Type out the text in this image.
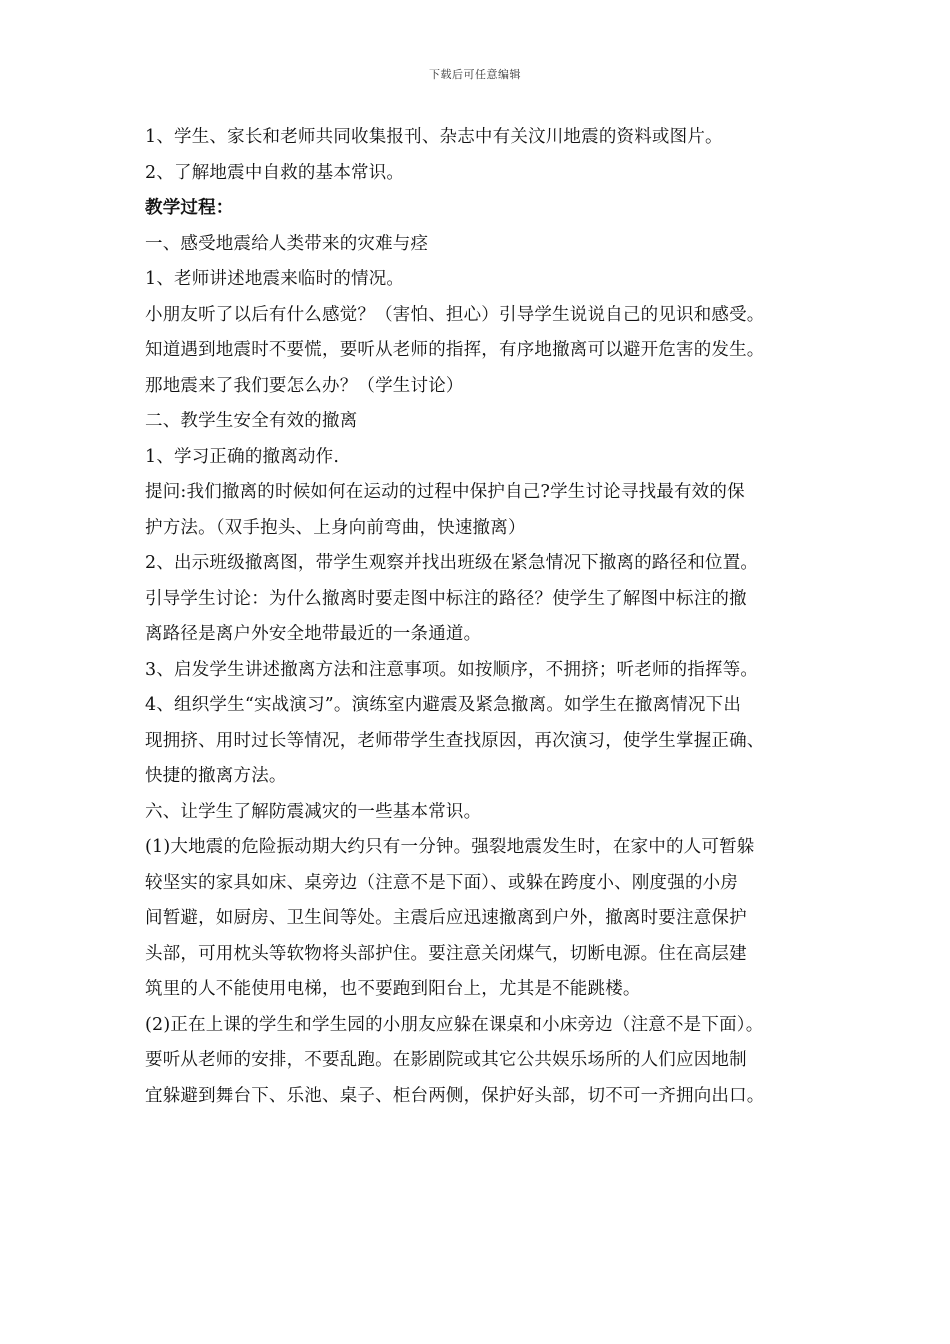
下载后可任意编辑
1、学生、家长和老师共同收集报刊、杂志中有关汶川地震的资料或图片。
2、了解地震中自救的基本常识。
教学过程：
一、感受地震给人类带来的灾难与痉
1、老师讲述地震来临时的情况。
小朋友听了以后有什么感觉？（害怕、担心）引导学生说说自己的见识和感受。
知道遇到地震时不要慌，要听从老师的指挥，有序地撤离可以避开危害的发生。
那地震来了我们要怎么办？（学生讨论）
二、教学生安全有效的撤离
1、学习正确的撤离动作.
提问:我们撤离的时候如何在运动的过程中保护自己?学生讨论寻找最有效的保
护方法。（双手抱头、上身向前弯曲，快速撤离）
2、出示班级撤离图，带学生观察并找出班级在紧急情况下撤离的路径和位置。
引导学生讨论：为什么撤离时要走图中标注的路径？使学生了解图中标注的撤
离路径是离户外安全地带最近的一条通道。
3、启发学生讲述撤离方法和注意事项。如按顺序，不拥挤；听老师的指挥等。
4、组织学生“实战演习”。演练室内避震及紧急撤离。如学生在撤离情况下出
现拥挤、用时过长等情况，老师带学生查找原因，再次演习，使学生掌握正确、
快捷的撤离方法。
六、让学生了解防震减灾的一些基本常识。
(1)大地震的危险振动期大约只有一分钟。强裂地震发生时，在家中的人可暂躲
较坚实的家具如床、桌旁边（注意不是下面）、或躲在跨度小、刚度强的小房
间暂避，如厨房、卫生间等处。主震后应迅速撤离到户外，撤离时要注意保护
头部，可用枕头等软物将头部护住。要注意关闭煤气，切断电源。住在高层建
筑里的人不能使用电梯，也不要跑到阳台上，尤其是不能跳楼。
(2)正在上课的学生和学生园的小朋友应躲在课桌和小床旁边（注意不是下面）。
要听从老师的安排，不要乱跑。在影剧院或其它公共娱乐场所的人们应因地制
宜躲避到舞台下、乐池、桌子、柜台两侧，保护好头部，切不可一齐拥向出口。
